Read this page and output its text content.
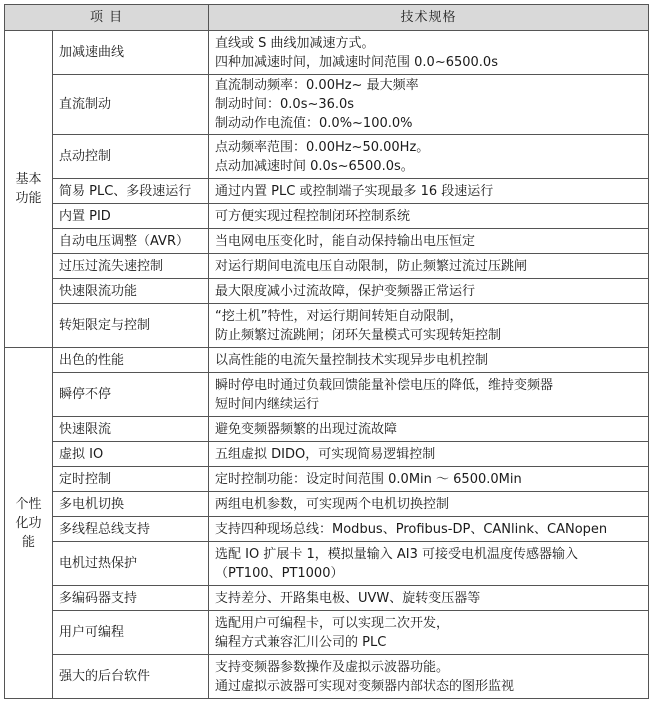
项 目		技术规格

基本
功能	加减速曲线	直线或 S 曲线加减速方式。
四种加减速时间，加减速时间范围 0.0~6500.0s

	直流制动	直流制动频率：0.00Hz~ 最大频率
制动时间：0.0s~36.0s
制动动作电流值：0.0%~100.0%

	点动控制	点动频率范围：0.00Hz~50.00Hz。
点动加减速时间 0.0s~6500.0s。

	简易 PLC、多段速运行	通过内置 PLC 或控制端子实现最多 16 段速运行

	内置 PID	可方便实现过程控制闭环控制系统

	自动电压调整（AVR）	当电网电压变化时，能自动保持输出电压恒定

	过压过流失速控制	对运行期间电流电压自动限制，防止频繁过流过压跳闸

	快速限流功能	最大限度减小过流故障，保护变频器正常运行

	转矩限定与控制	“挖土机”特性，对运行期间转矩自动限制，
防止频繁过流跳闸；闭环矢量模式可实现转矩控制

个性
化功
能	出色的性能	以高性能的电流矢量控制技术实现异步电机控制

	瞬停不停	瞬时停电时通过负载回馈能量补偿电压的降低，维持变频器
短时间内继续运行

	快速限流	避免变频器频繁的出现过流故障

	虚拟 IO	五组虚拟 DIDO，可实现简易逻辑控制

	定时控制	定时控制功能：设定时间范围 0.0Min ～ 6500.0Min

	多电机切换	两组电机参数，可实现两个电机切换控制

	多线程总线支持	支持四种现场总线：Modbus、Profibus-DP、CANlink、CANopen

	电机过热保护	选配 IO 扩展卡 1，模拟量输入 AI3 可接受电机温度传感器输入
（PT100、PT1000）

	多编码器支持	支持差分、开路集电极、UVW、旋转变压器等

	用户可编程	选配用户可编程卡，可以实现二次开发，
编程方式兼容汇川公司的 PLC

	强大的后台软件	支持变频器参数操作及虚拟示波器功能。
通过虚拟示波器可实现对变频器内部状态的图形监视
